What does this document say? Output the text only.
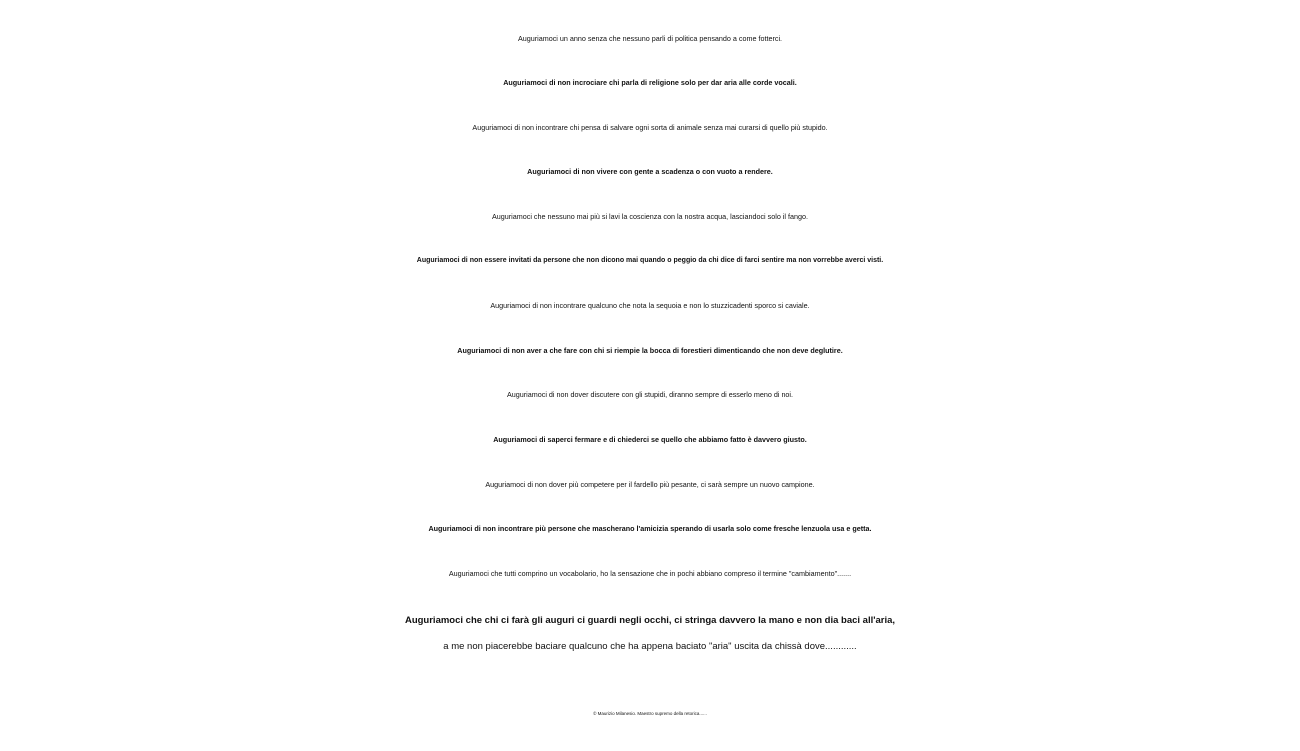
Auguriamoci un anno senza che nessuno parli di politica pensando a come fotterci.
Auguriamoci di non incrociare chi parla di religione solo per dar aria alle corde vocali.
Auguriamoci di non incontrare chi pensa di salvare ogni sorta di animale senza mai curarsi di quello più stupido.
Auguriamoci di non vivere con gente a scadenza o con vuoto a rendere.
Auguriamoci che nessuno mai più si lavi la coscienza con la nostra acqua, lasciandoci solo il fango.
Auguriamoci di non essere invitati da persone che non dicono mai quando o peggio da chi dice di farci sentire ma non vorrebbe averci visti.
Auguriamoci di non incontrare qualcuno che nota la sequoia e non lo stuzzicadenti sporco si caviale.
Auguriamoci di non aver a che fare con chi si riempie la bocca di forestieri dimenticando che non deve deglutire.
Auguriamoci di non dover discutere con gli stupidi, diranno sempre di esserlo meno di noi.
Auguriamoci di saperci fermare e di chiederci se quello che abbiamo fatto è davvero giusto.
Auguriamoci di non dover più competere per il fardello più pesante, ci sarà sempre un nuovo campione.
Auguriamoci di non incontrare più persone che mascherano l'amicizia sperando di usarla solo come fresche lenzuola usa e getta.
Auguriamoci che tutti comprino un vocabolario, ho la sensazione che in pochi abbiano compreso il termine "cambiamento".......
Auguriamoci che chi ci farà gli auguri ci guardi negli occhi, ci stringa davvero la mano e non dia baci all'aria,
a me non piacerebbe baciare qualcuno che ha appena baciato "aria" uscita da chissà dove............
© Maurizio Milanesio. Maestro supremo della retorica......
